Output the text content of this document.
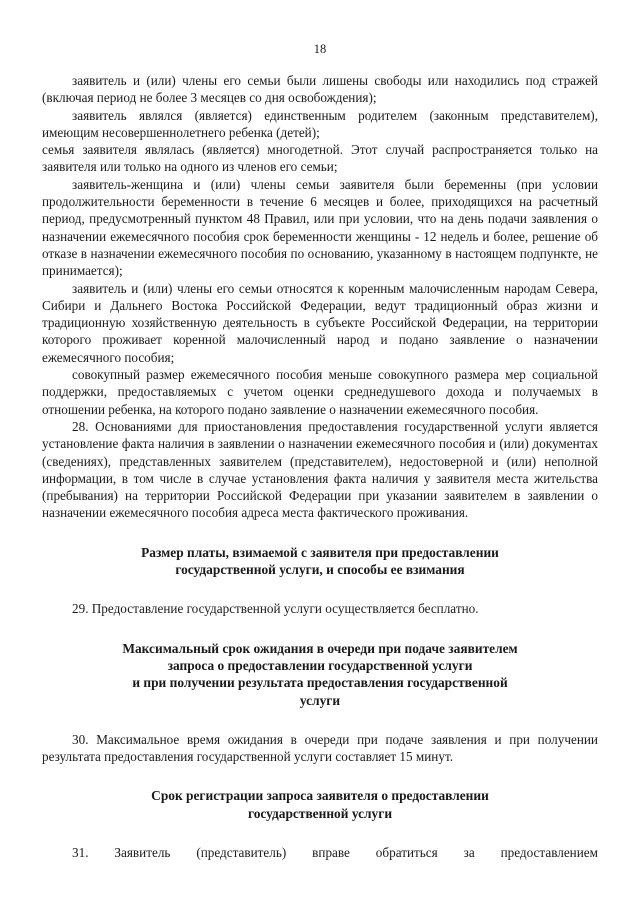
18

заявитель и (или) члены его семьи были лишены свободы или находились под стражей (включая период не более 3 месяцев со дня освобождения);

заявитель являлся (является) единственным родителем (законным представителем), имеющим несовершеннолетнего ребенка (детей);

семья заявителя являлась (является) многодетной. Этот случай распространяется только на заявителя или только на одного из членов его семьи;

заявитель-женщина и (или) члены семьи заявителя были беременны (при условии продолжительности беременности в течение 6 месяцев и более, приходящихся на расчетный период, предусмотренный пунктом 48 Правил, или при условии, что на день подачи заявления о назначении ежемесячного пособия срок беременности женщины - 12 недель и более, решение об отказе в назначении ежемесячного пособия по основанию, указанному в настоящем подпункте, не принимается);

заявитель и (или) члены его семьи относятся к коренным малочисленным народам Севера, Сибири и Дальнего Востока Российской Федерации, ведут традиционный образ жизни и традиционную хозяйственную деятельность в субъекте Российской Федерации, на территории которого проживает коренной малочисленный народ и подано заявление о назначении ежемесячного пособия;

совокупный размер ежемесячного пособия меньше совокупного размера мер социальной поддержки, предоставляемых с учетом оценки среднедушевого дохода и получаемых в отношении ребенка, на которого подано заявление о назначении ежемесячного пособия.

28. Основаниями для приостановления предоставления государственной услуги является установление факта наличия в заявлении о назначении ежемесячного пособия и (или) документах (сведениях), представленных заявителем (представителем), недостоверной и (или) неполной информации, в том числе в случае установления факта наличия у заявителя места жительства (пребывания) на территории Российской Федерации при указании заявителем в заявлении о назначении ежемесячного пособия адреса места фактического проживания.

Размер платы, взимаемой с заявителя при предоставлении
государственной услуги, и способы ее взимания

29. Предоставление государственной услуги осуществляется бесплатно.

Максимальный срок ожидания в очереди при подаче заявителем
запроса о предоставлении государственной услуги
и при получении результата предоставления государственной
услуги

30. Максимальное время ожидания в очереди при подаче заявления и при получении результата предоставления государственной услуги составляет 15 минут.

Срок регистрации запроса заявителя о предоставлении
государственной услуги

31. Заявитель (представитель) вправе обратиться за предоставлением
